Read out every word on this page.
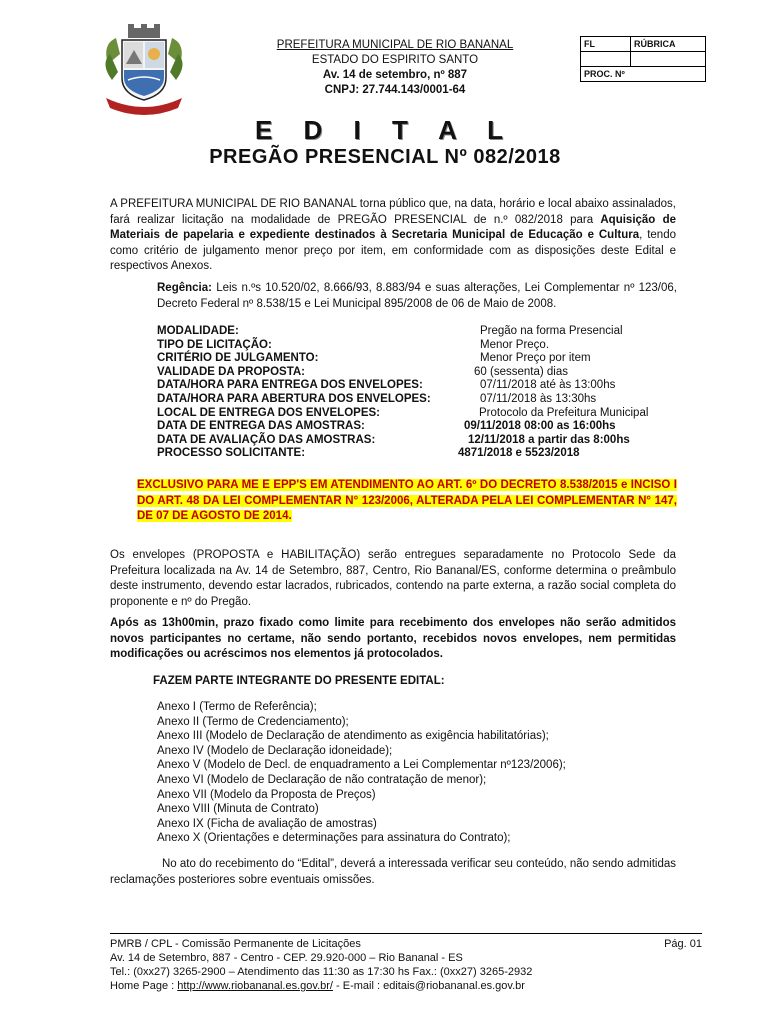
PREFEITURA MUNICIPAL DE RIO BANANAL
ESTADO DO ESPIRITO SANTO
Av. 14 de setembro, nº 887
CNPJ: 27.744.143/0001-64
FL	RÚBRICA

PROC. Nº	
E D I T A L
PREGÃO PRESENCIAL Nº 082/2018
A PREFEITURA MUNICIPAL DE RIO BANANAL torna público que, na data, horário e local abaixo assinalados, fará realizar licitação na modalidade de PREGÃO PRESENCIAL de n.º 082/2018 para Aquisição de Materiais de papelaria e expediente destinados à Secretaria Municipal de Educação e Cultura, tendo como critério de julgamento menor preço por item, em conformidade com as disposições deste Edital e respectivos Anexos.
Regência: Leis n.ºs 10.520/02, 8.666/93, 8.883/94 e suas alterações, Lei Complementar nº 123/06, Decreto Federal nº 8.538/15 e Lei Municipal 895/2008 de 06 de Maio de 2008.
MODALIDADE:	Pregão na forma Presencial
TIPO DE LICITAÇÃO:	Menor Preço.
CRITÉRIO DE JULGAMENTO:	Menor Preço por item
VALIDADE DA PROPOSTA:	60 (sessenta) dias
DATA/HORA PARA ENTREGA DOS ENVELOPES:	07/11/2018 até às 13:00hs
DATA/HORA PARA ABERTURA DOS ENVELOPES:	07/11/2018 às 13:30hs
LOCAL DE ENTREGA DOS ENVELOPES:	Protocolo da Prefeitura Municipal
DATA DE ENTREGA DAS AMOSTRAS:	09/11/2018 08:00 as 16:00hs
DATA DE AVALIAÇÃO DAS AMOSTRAS:	12/11/2018 a partir das 8:00hs
PROCESSO SOLICITANTE:	4871/2018 e 5523/2018
EXCLUSIVO PARA ME E EPP'S EM ATENDIMENTO AO ART. 6º DO DECRETO 8.538/2015 e INCISO I DO ART. 48 DA LEI COMPLEMENTAR N° 123/2006, ALTERADA PELA LEI COMPLEMENTAR N° 147, DE 07 DE AGOSTO DE 2014.
Os envelopes (PROPOSTA e HABILITAÇÃO) serão entregues separadamente no Protocolo Sede da Prefeitura localizada na Av. 14 de Setembro, 887, Centro, Rio Bananal/ES, conforme determina o preâmbulo deste instrumento, devendo estar lacrados, rubricados, contendo na parte externa, a razão social completa do proponente e nº do Pregão.
Após as 13h00min, prazo fixado como limite para recebimento dos envelopes não serão admitidos novos participantes no certame, não sendo portanto, recebidos novos envelopes, nem permitidas modificações ou acréscimos nos elementos já protocolados.
FAZEM PARTE INTEGRANTE DO PRESENTE EDITAL:
Anexo I (Termo de Referência);
Anexo II (Termo de Credenciamento);
Anexo III (Modelo de Declaração de atendimento as exigência habilitatórias);
Anexo IV (Modelo de Declaração idoneidade);
Anexo V (Modelo de Decl. de enquadramento a Lei Complementar nº123/2006);
Anexo VI (Modelo de Declaração de não contratação de menor);
Anexo VII (Modelo da Proposta de Preços)
Anexo VIII (Minuta de Contrato)
Anexo IX (Ficha de avaliação de amostras)
Anexo X (Orientações e determinações para assinatura do Contrato);
No ato do recebimento do “Edital”, deverá a interessada verificar seu conteúdo, não sendo admitidas reclamações posteriores sobre eventuais omissões.
PMRB / CPL - Comissão Permanente de Licitações	Pág. 01
Av. 14 de Setembro, 887 - Centro - CEP. 29.920-000 – Rio Bananal - ES
Tel.: (0xx27) 3265-2900 – Atendimento das 11:30 as 17:30 hs Fax.: (0xx27) 3265-2932
Home Page : http://www.riobananal.es.gov.br/ - E-mail : editais@riobananal.es.gov.br
